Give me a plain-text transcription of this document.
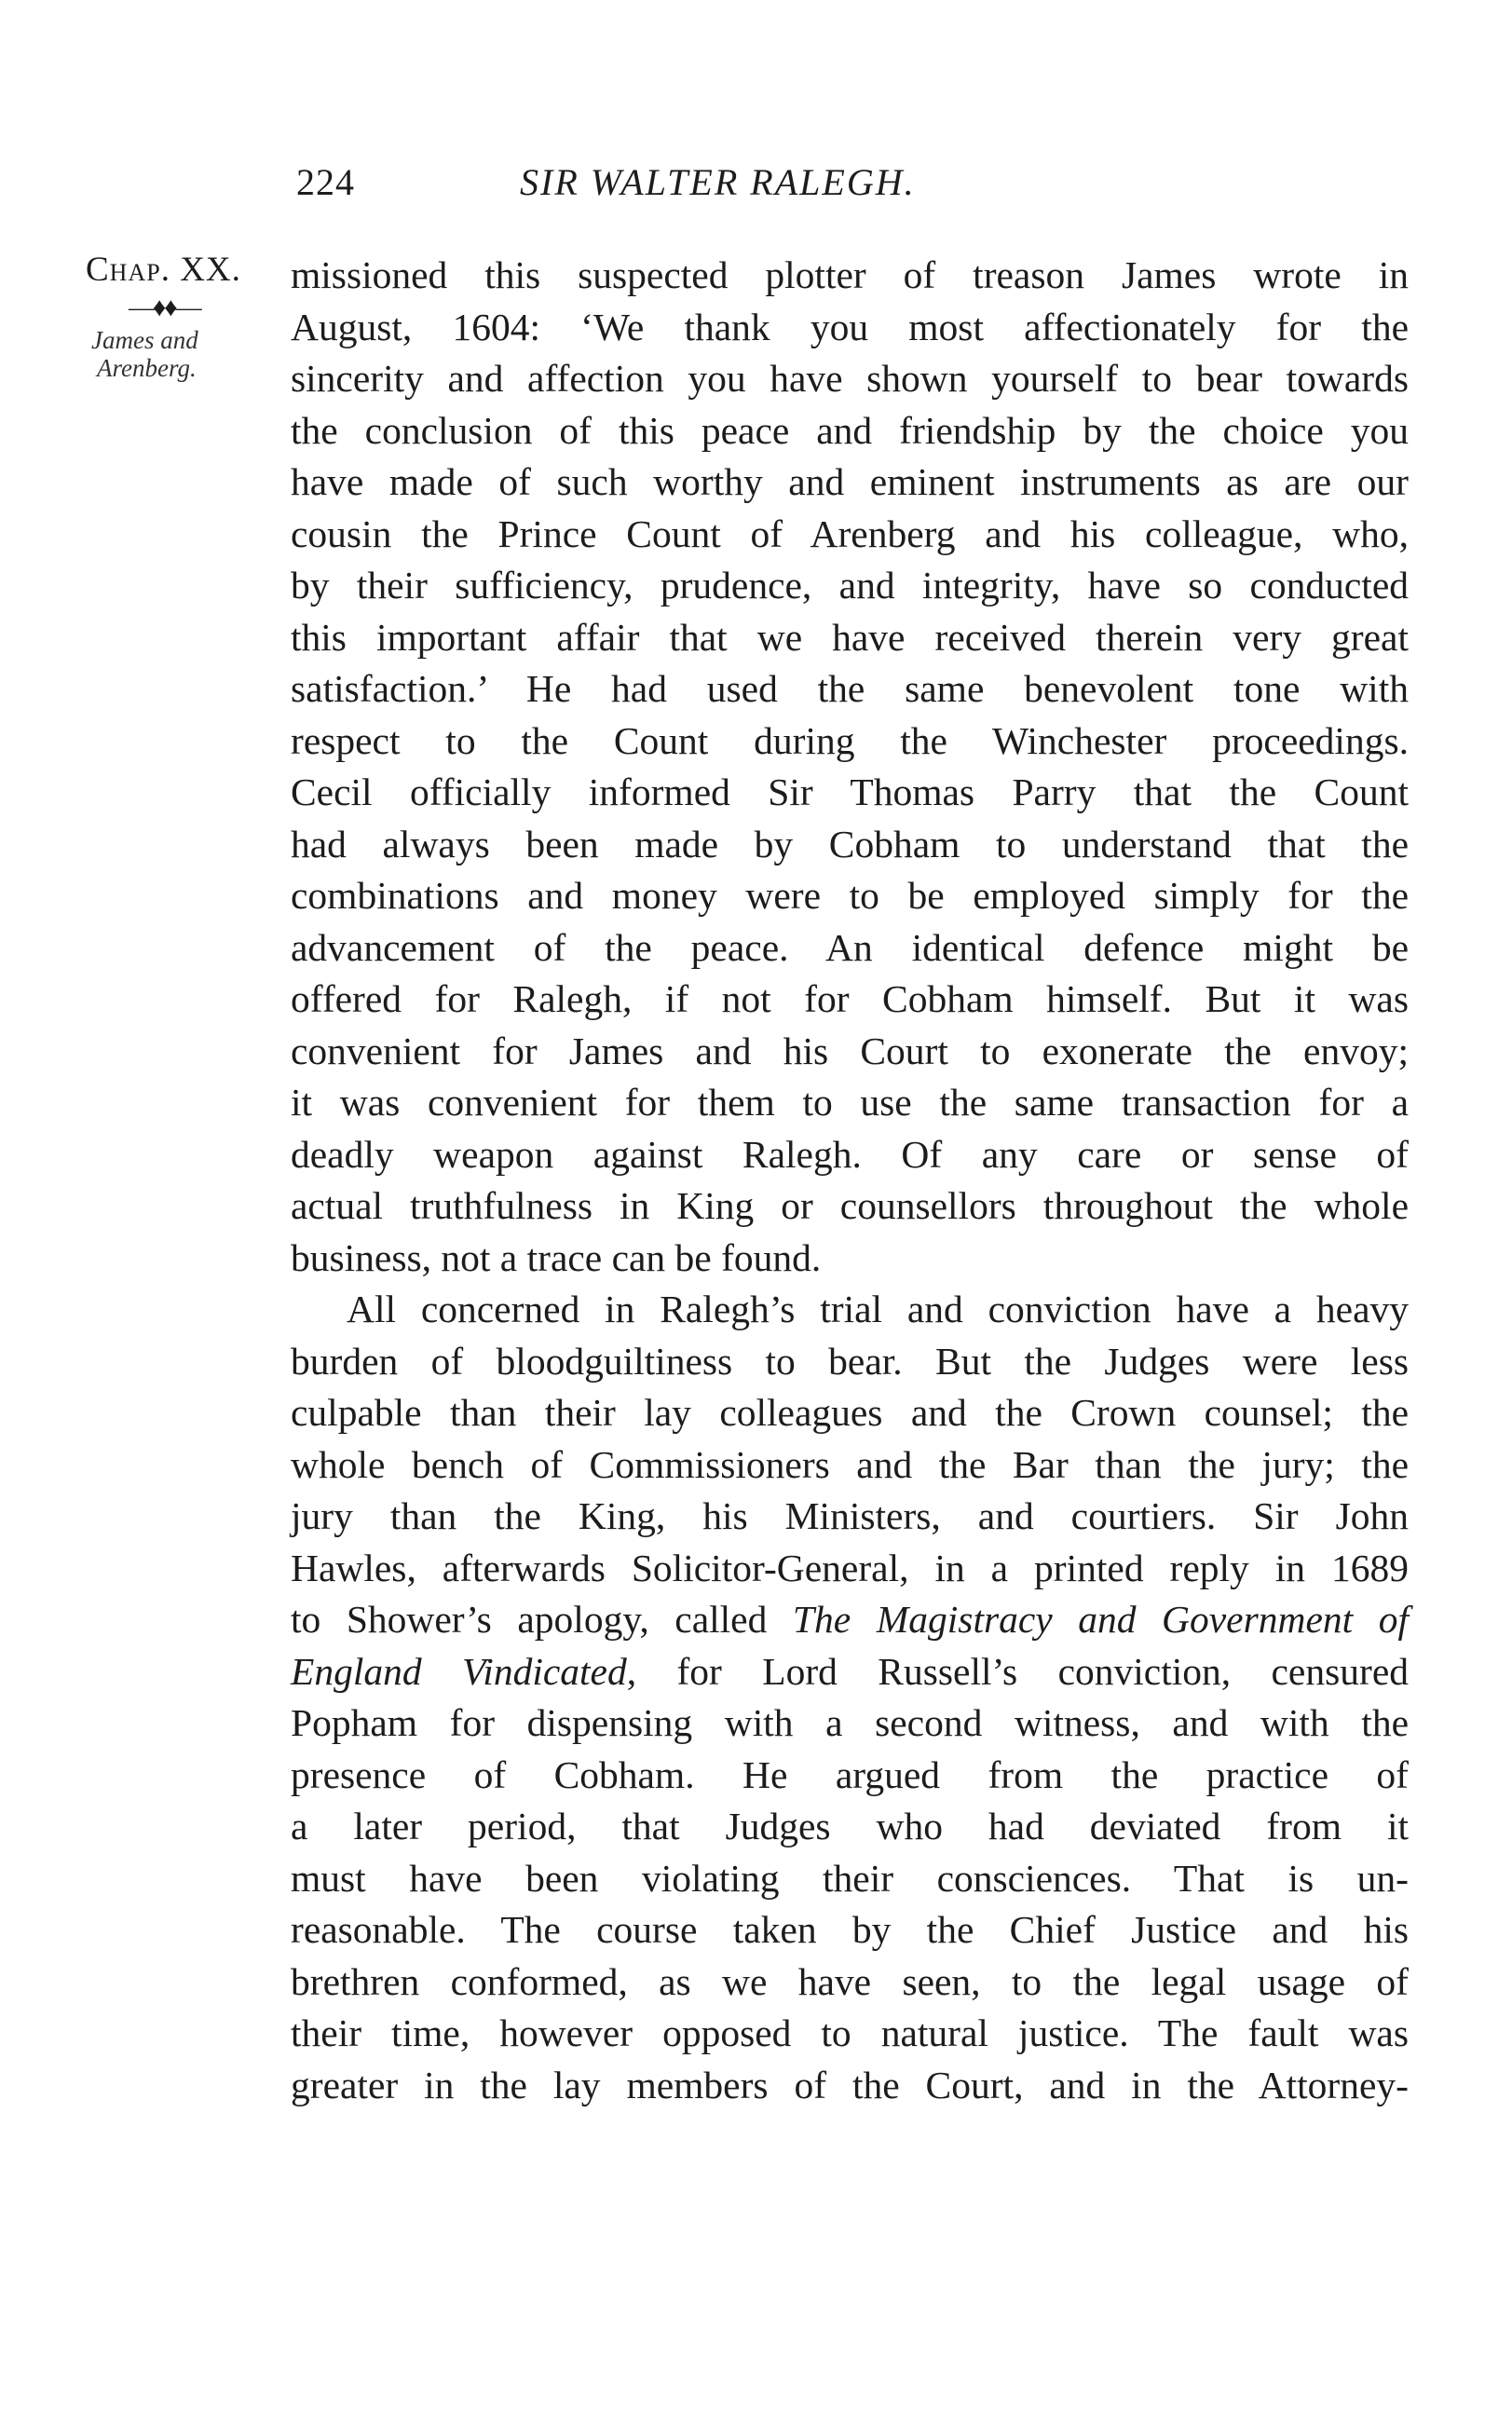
224	SIR WALTER RALEGH.
Chap. XX.
—♦♦—
James and
Arenberg.
missioned this suspected plotter of treason James wrote in
August, 1604: ‘We thank you most affectionately for the
sincerity and affection you have shown yourself to bear towards
the conclusion of this peace and friendship by the choice you
have made of such worthy and eminent instruments as are our
cousin the Prince Count of Arenberg and his colleague, who,
by their sufficiency, prudence, and integrity, have so conducted
this important affair that we have received therein very great
satisfaction.’ He had used the same benevolent tone with
respect to the Count during the Winchester proceedings.
Cecil officially informed Sir Thomas Parry that the Count
had always been made by Cobham to understand that the
combinations and money were to be employed simply for the
advancement of the peace. An identical defence might be
offered for Ralegh, if not for Cobham himself. But it was
convenient for James and his Court to exonerate the envoy;
it was convenient for them to use the same transaction for a
deadly weapon against Ralegh. Of any care or sense of
actual truthfulness in King or counsellors throughout the whole
business, not a trace can be found.
All concerned in Ralegh’s trial and conviction have a heavy
burden of bloodguiltiness to bear. But the Judges were less
culpable than their lay colleagues and the Crown counsel; the
whole bench of Commissioners and the Bar than the jury; the
jury than the King, his Ministers, and courtiers. Sir John
Hawles, afterwards Solicitor-General, in a printed reply in 1689
to Shower’s apology, called The Magistracy and Government of
England Vindicated, for Lord Russell’s conviction, censured
Popham for dispensing with a second witness, and with the
presence of Cobham. He argued from the practice of
a later period, that Judges who had deviated from it
must have been violating their consciences. That is un-
reasonable. The course taken by the Chief Justice and his
brethren conformed, as we have seen, to the legal usage of
their time, however opposed to natural justice. The fault was
greater in the lay members of the Court, and in the Attorney-
